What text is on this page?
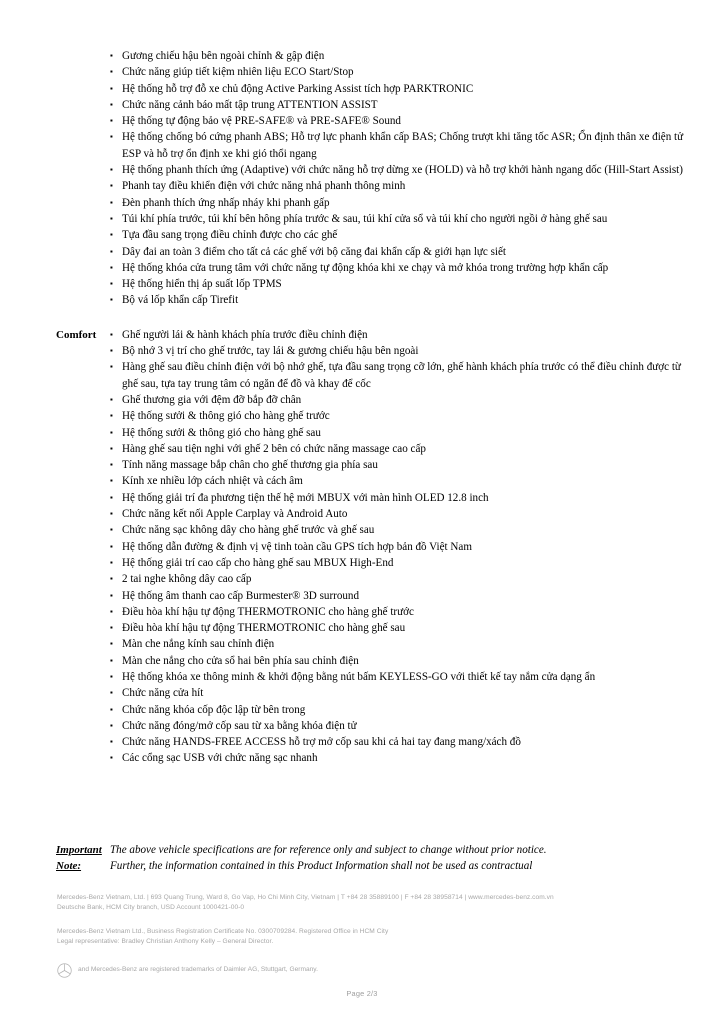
▪ Gương chiếu hậu bên ngoài chỉnh & gập điện
▪ Chức năng giúp tiết kiệm nhiên liệu ECO Start/Stop
▪ Hệ thống hỗ trợ đỗ xe chủ động Active Parking Assist tích hợp PARKTRONIC
▪ Chức năng cảnh báo mất tập trung ATTENTION ASSIST
▪ Hệ thống tự động bảo vệ PRE-SAFE® và PRE-SAFE® Sound
▪ Hệ thống chống bó cứng phanh ABS; Hỗ trợ lực phanh khẩn cấp BAS; Chống trượt khi tăng tốc ASR; Ổn định thân xe điện tử ESP và hỗ trợ ổn định xe khi gió thổi ngang
▪ Hệ thống phanh thích ứng (Adaptive) với chức năng hỗ trợ dừng xe (HOLD) và hỗ trợ khởi hành ngang dốc (Hill-Start Assist)
▪ Phanh tay điều khiển điện với chức năng nhả phanh thông minh
▪ Đèn phanh thích ứng nhấp nháy khi phanh gấp
▪ Túi khí phía trước, túi khí bên hông phía trước & sau, túi khí cửa sổ và túi khí cho người ngồi ở hàng ghế sau
▪ Tựa đầu sang trọng điều chỉnh được cho các ghế
▪ Dây đai an toàn 3 điểm cho tất cả các ghế với bộ căng đai khẩn cấp & giới hạn lực siết
▪ Hệ thống khóa cửa trung tâm với chức năng tự động khóa khi xe chạy và mở khóa trong trường hợp khẩn cấp
▪ Hệ thống hiển thị áp suất lốp TPMS
▪ Bộ vá lốp khẩn cấp Tirefit
Comfort	▪ Ghế người lái & hành khách phía trước điều chỉnh điện
▪ Bộ nhớ 3 vị trí cho ghế trước, tay lái & gương chiếu hậu bên ngoài
▪ Hàng ghế sau điều chỉnh điện với bộ nhớ ghế, tựa đầu sang trọng cỡ lớn, ghế hành khách phía trước có thể điều chỉnh được từ ghế sau, tựa tay trung tâm có ngăn để đồ và khay để cốc
▪ Ghế thương gia với đệm đỡ bắp đỡ chân
▪ Hệ thống sưởi & thông gió cho hàng ghế trước
▪ Hệ thống sưởi & thông gió cho hàng ghế sau
▪ Hàng ghế sau tiện nghi với ghế 2 bên có chức năng massage cao cấp
▪ Tính năng massage bắp chân cho ghế thương gia phía sau
▪ Kính xe nhiều lớp cách nhiệt và cách âm
▪ Hệ thống giải trí đa phương tiện thế hệ mới MBUX với màn hình OLED 12.8 inch
▪ Chức năng kết nối Apple Carplay và Android Auto
▪ Chức năng sạc không dây cho hàng ghế trước và ghế sau
▪ Hệ thống dẫn đường & định vị vệ tinh toàn cầu GPS tích hợp bản đồ Việt Nam
▪ Hệ thống giải trí cao cấp cho hàng ghế sau MBUX High-End
▪ 2 tai nghe không dây cao cấp
▪ Hệ thống âm thanh cao cấp Burmester® 3D surround
▪ Điều hòa khí hậu tự động THERMOTRONIC cho hàng ghế trước
▪ Điều hòa khí hậu tự động THERMOTRONIC cho hàng ghế sau
▪ Màn che nắng kính sau chỉnh điện
▪ Màn che nắng cho cửa sổ hai bên phía sau chỉnh điện
▪ Hệ thống khóa xe thông minh & khởi động bằng nút bấm KEYLESS-GO với thiết kế tay nắm cửa dạng ẩn
▪ Chức năng cửa hít
▪ Chức năng khóa cốp độc lập từ bên trong
▪ Chức năng đóng/mở cốp sau từ xa bằng khóa điện tử
▪ Chức năng HANDS-FREE ACCESS hỗ trợ mở cốp sau khi cả hai tay đang mang/xách đồ
▪ Các cổng sạc USB với chức năng sạc nhanh
Important
Note:

The above vehicle specifications are for reference only and subject to change without prior notice.

Further, the information contained in this Product Information shall not be used as contractual

Mercedes-Benz Vietnam, Ltd. | 693 Quang Trung, Ward 8, Go Vap, Ho Chi Minh City, Vietnam | T +84 28 35889100 | F +84 28 38958714 | www.mercedes-benz.com.vn
Deutsche Bank, HCM City branch, USD Account 1000421-00-0
Mercedes-Benz Vietnam Ltd., Business Registration Certificate No. 0300709284. Registered Office in HCM City
Legal representative: Bradley Christian Anthony Kelly – General Director.
and Mercedes-Benz are registered trademarks of Daimler AG, Stuttgart, Germany.
Page 2/3
